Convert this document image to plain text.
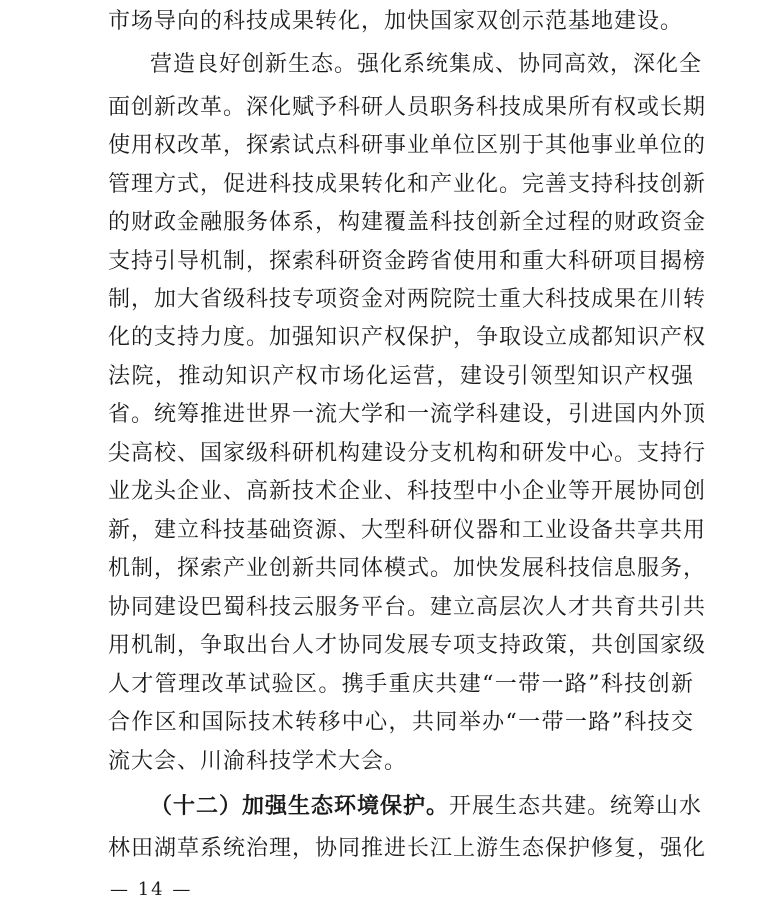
市场导向的科技成果转化，加快国家双创示范基地建设。
营造良好创新生态。强化系统集成、协同高效，深化全
面创新改革。深化赋予科研人员职务科技成果所有权或长期
使用权改革，探索试点科研事业单位区别于其他事业单位的
管理方式，促进科技成果转化和产业化。完善支持科技创新
的财政金融服务体系，构建覆盖科技创新全过程的财政资金
支持引导机制，探索科研资金跨省使用和重大科研项目揭榜
制，加大省级科技专项资金对两院院士重大科技成果在川转
化的支持力度。加强知识产权保护，争取设立成都知识产权
法院，推动知识产权市场化运营，建设引领型知识产权强
省。统筹推进世界一流大学和一流学科建设，引进国内外顶
尖高校、国家级科研机构建设分支机构和研发中心。支持行
业龙头企业、高新技术企业、科技型中小企业等开展协同创
新，建立科技基础资源、大型科研仪器和工业设备共享共用
机制，探索产业创新共同体模式。加快发展科技信息服务，
协同建设巴蜀科技云服务平台。建立高层次人才共育共引共
用机制，争取出台人才协同发展专项支持政策，共创国家级
人才管理改革试验区。携手重庆共建“一带一路”科技创新
合作区和国际技术转移中心，共同举办“一带一路”科技交
流大会、川渝科技学术大会。
（十二）加强生态环境保护。开展生态共建。统筹山水
林田湖草系统治理，协同推进长江上游生态保护修复，强化
— 14 —
